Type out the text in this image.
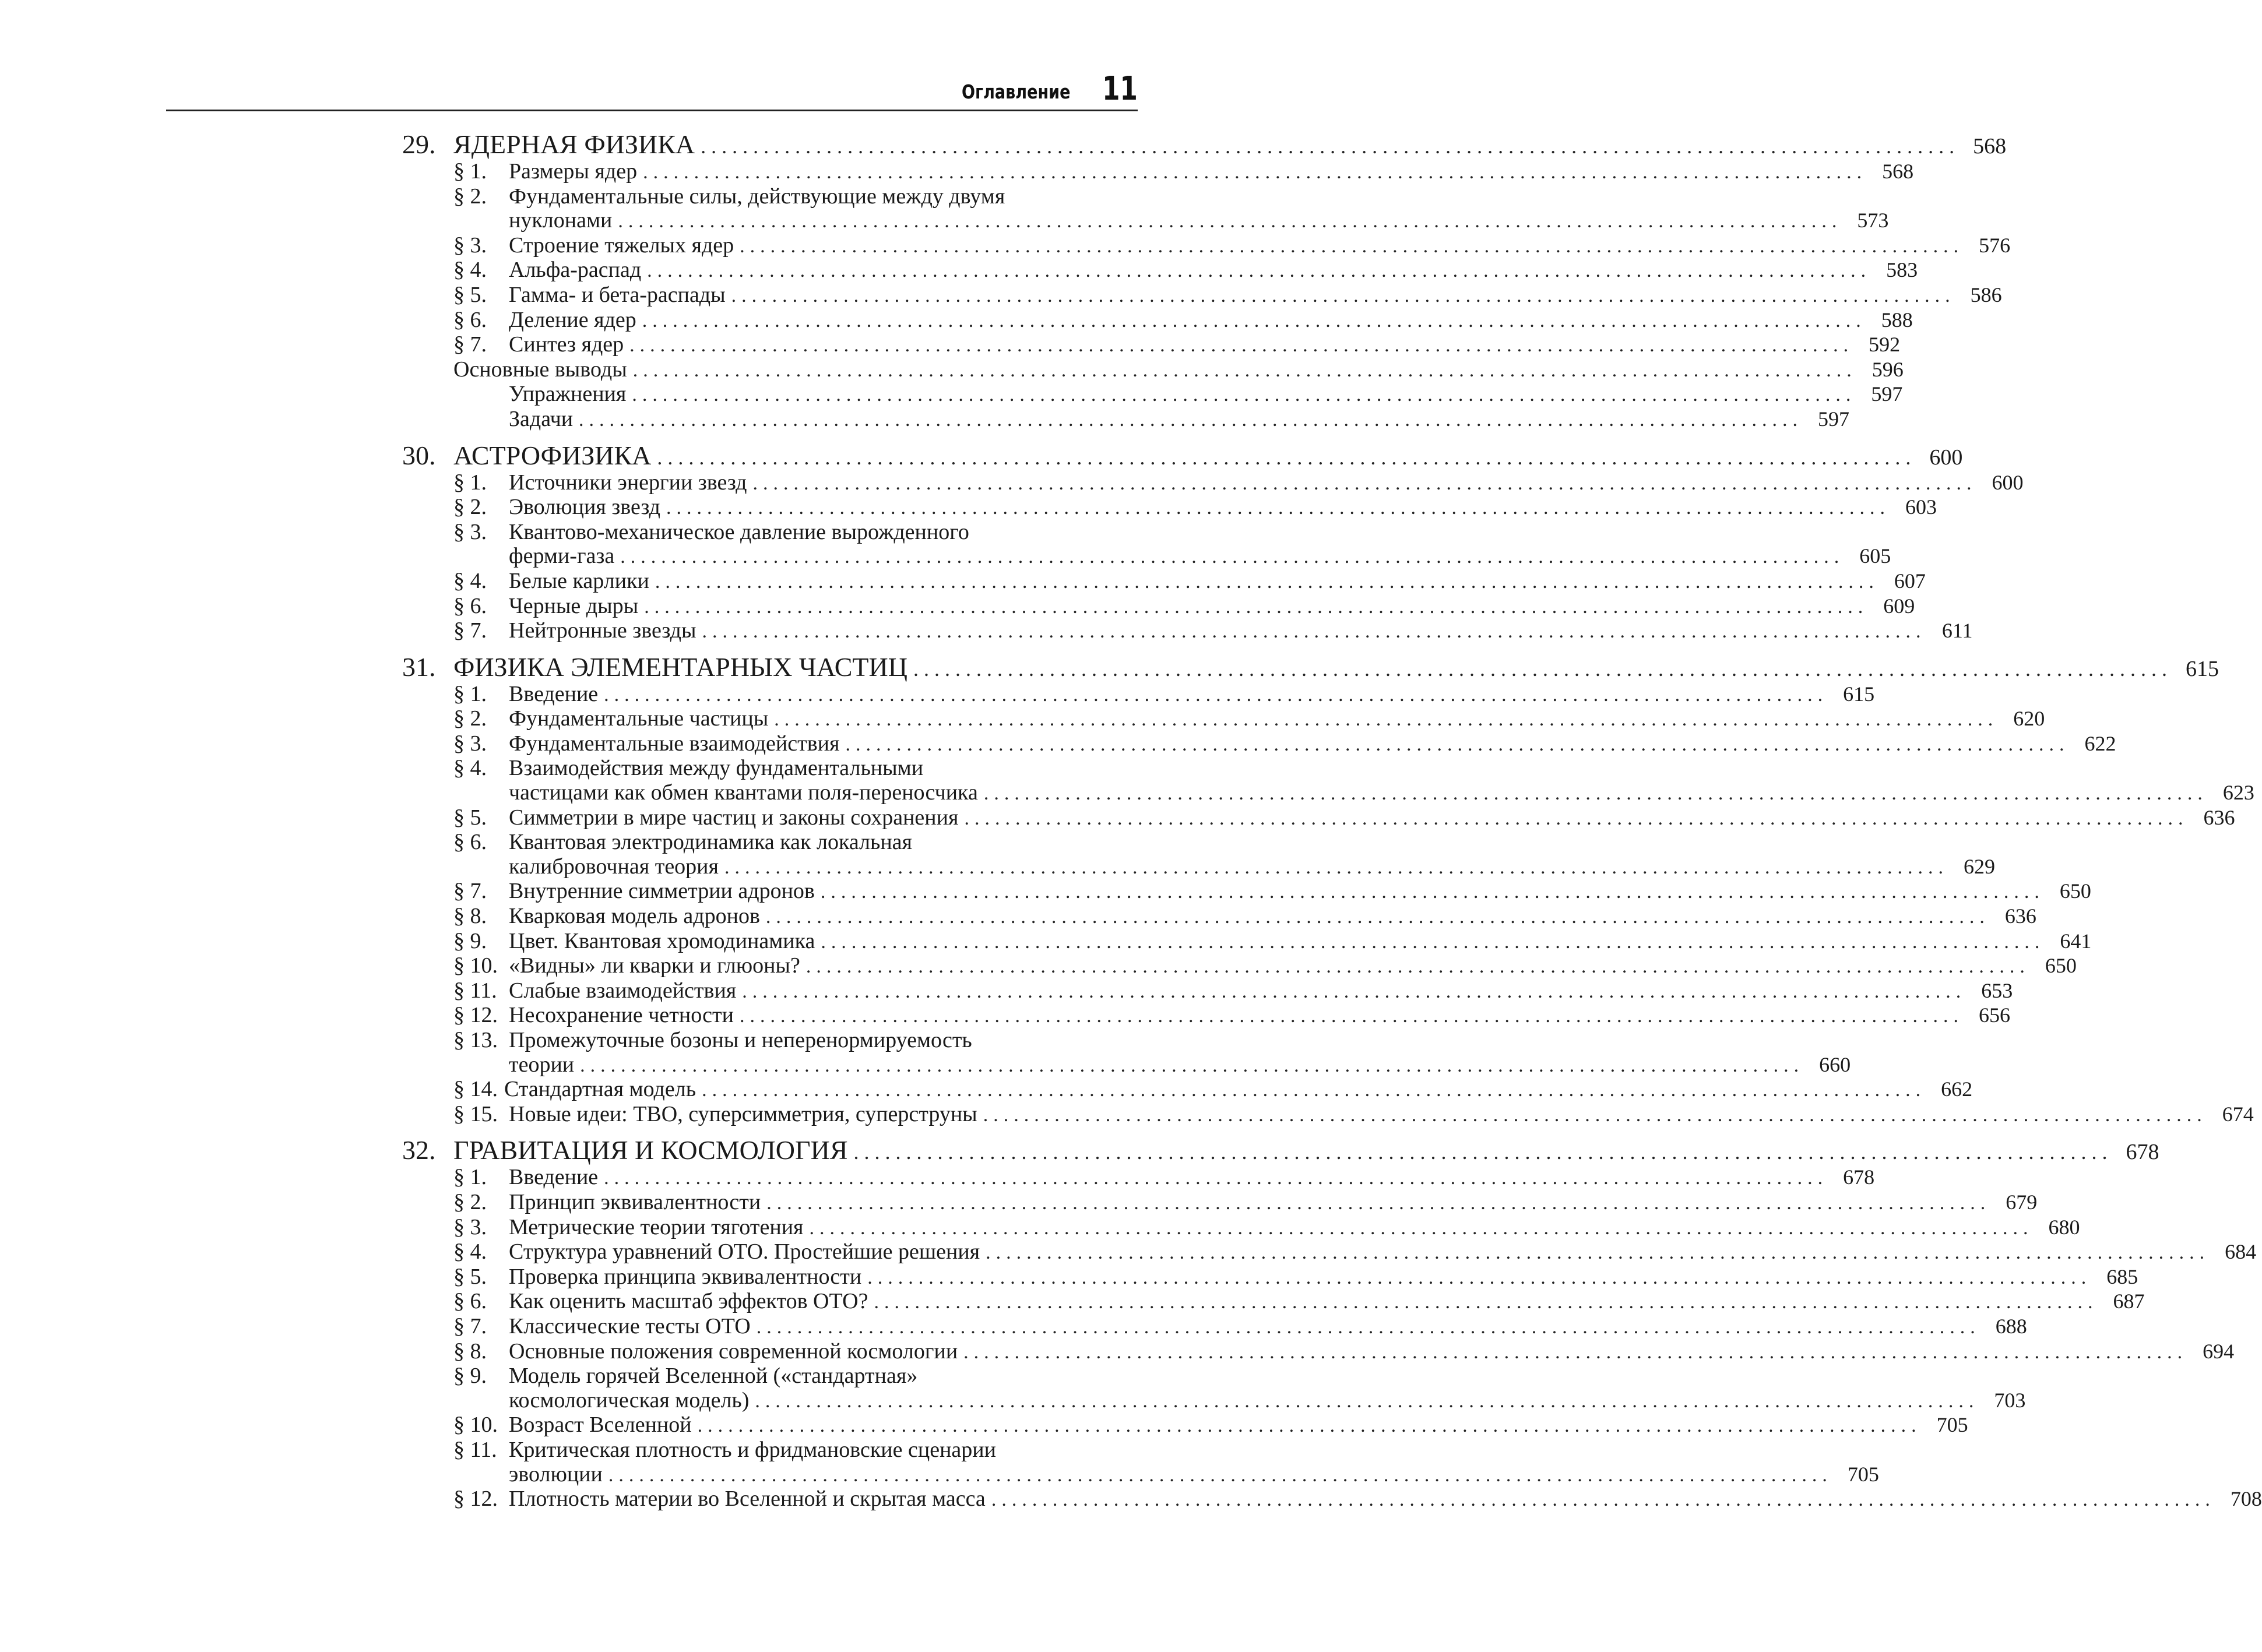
Оглавление 11
29. ЯДЕРНАЯ ФИЗИКА ........................................................................................................................ 568
§ 1.	Размеры ядер ........................................................................................................................ 568
§ 2.	Фундаментальные силы, действующие между двумя
нуклонами ........................................................................................................................ 573
§ 3.	Строение тяжелых ядер ........................................................................................................................ 576
§ 4.	Альфа-распад ........................................................................................................................ 583
§ 5.	Гамма- и бета-распады ........................................................................................................................ 586
§ 6.	Деление ядер ........................................................................................................................ 588
§ 7.	Синтез ядер ........................................................................................................................ 592
Основные выводы ........................................................................................................................ 596
Упражнения ........................................................................................................................ 597
Задачи ........................................................................................................................ 597
30. АСТРОФИЗИКА ........................................................................................................................ 600
§ 1.	Источники энергии звезд ........................................................................................................................ 600
§ 2.	Эволюция звезд ........................................................................................................................ 603
§ 3.	Квантово-механическое давление вырожденного
ферми-газа ........................................................................................................................ 605
§ 4.	Белые карлики ........................................................................................................................ 607
§ 6.	Черные дыры ........................................................................................................................ 609
§ 7.	Нейтронные звезды ........................................................................................................................ 611
31. ФИЗИКА ЭЛЕМЕНТАРНЫХ ЧАСТИЦ ........................................................................................................................ 615
§ 1.	Введение ........................................................................................................................ 615
§ 2.	Фундаментальные частицы ........................................................................................................................ 620
§ 3.	Фундаментальные взаимодействия ........................................................................................................................ 622
§ 4.	Взаимодействия между фундаментальными
частицами как обмен квантами поля-переносчика ........................................................................................................................ 623
§ 5.	Симметрии в мире частиц и законы сохранения ........................................................................................................................ 636
§ 6.	Квантовая электродинамика как локальная
калибровочная теория ........................................................................................................................ 629
§ 7.	Внутренние симметрии адронов ........................................................................................................................ 650
§ 8.	Кварковая модель адронов ........................................................................................................................ 636
§ 9.	Цвет. Квантовая хромодинамика ........................................................................................................................ 641
§ 10. «Видны» ли кварки и глюоны? ........................................................................................................................ 650
§ 11. Слабые взаимодействия ........................................................................................................................ 653
§ 12. Несохранение четности ........................................................................................................................ 656
§ 13. Промежуточные бозоны и неперенормируемость
теории ........................................................................................................................ 660
§ 14. Стандартная модель ........................................................................................................................ 662
§ 15. Новые идеи: ТВО, суперсимметрия, суперструны ........................................................................................................................ 674
32. ГРАВИТАЦИЯ И КОСМОЛОГИЯ ........................................................................................................................ 678
§ 1.	Введение ........................................................................................................................ 678
§ 2.	Принцип эквивалентности ........................................................................................................................ 679
§ 3.	Метрические теории тяготения ........................................................................................................................ 680
§ 4.	Структура уравнений ОТО. Простейшие решения ........................................................................................................................ 684
§ 5.	Проверка принципа эквивалентности ........................................................................................................................ 685
§ 6.	Как оценить масштаб эффектов ОТО? ........................................................................................................................ 687
§ 7.	Классические тесты ОТО ........................................................................................................................ 688
§ 8.	Основные положения современной космологии ........................................................................................................................ 694
§ 9.	Модель горячей Вселенной («стандартная»
космологическая модель) ........................................................................................................................ 703
§ 10. Возраст Вселенной ........................................................................................................................ 705
§ 11. Критическая плотность и фридмановские сценарии
эволюции ........................................................................................................................ 705
§ 12. Плотность материи во Вселенной и скрытая масса ........................................................................................................................ 708
